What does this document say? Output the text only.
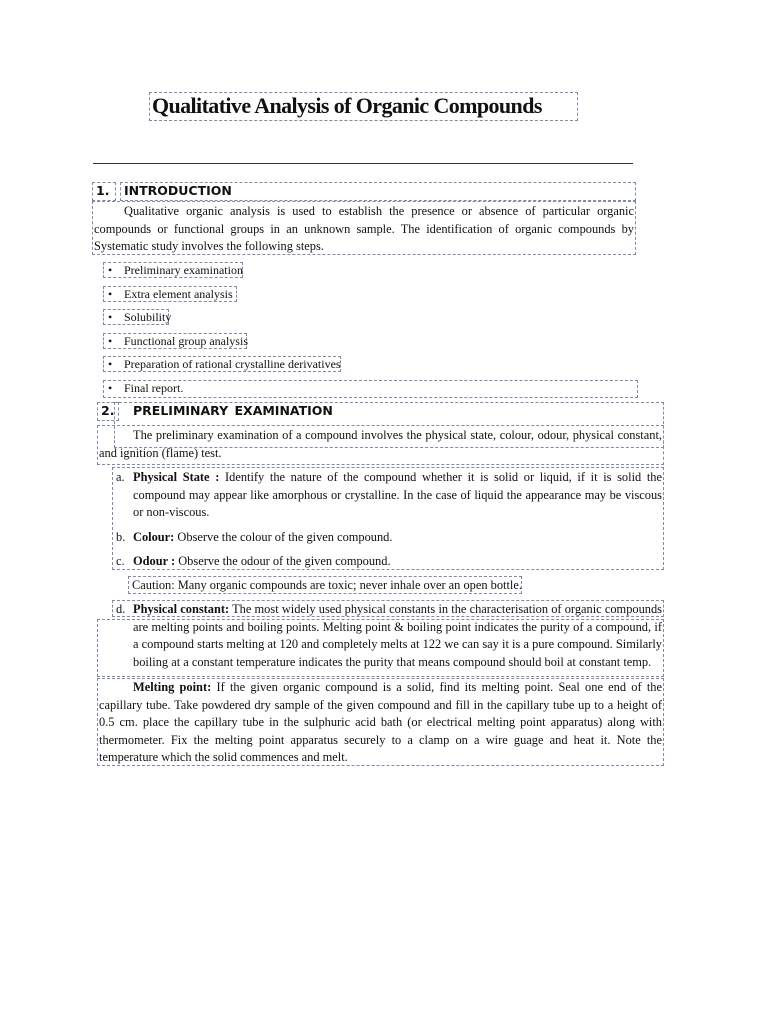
Qualitative Analysis of Organic Compounds
1. INTRODUCTION
Qualitative organic analysis is used to establish the presence or absence of particular organic compounds or functional groups in an unknown sample. The identification of organic compounds by Systematic study involves the following steps.
• Preliminary examination
• Extra element analysis
• Solubility
• Functional group analysis
• Preparation of rational crystalline derivatives
• Final report.
2. PRELIMINARY EXAMINATION
The preliminary examination of a compound involves the physical state, colour, odour, physical constant, and ignition (flame) test.
a. Physical State : Identify the nature of the compound whether it is solid or liquid, if it is solid the compound may appear like amorphous or crystalline. In the case of liquid the appearance may be viscous or non-viscous.
b. Colour: Observe the colour of the given compound.
c. Odour : Observe the odour of the given compound.
Caution: Many organic compounds are toxic; never inhale over an open bottle.
d. Physical constant: The most widely used physical constants in the characterisation of organic compounds are melting points and boiling points. Melting point & boiling point indicates the purity of a compound, if a compound starts melting at 120 and completely melts at 122 we can say it is a pure compound. Similarly boiling at a constant temperature indicates the purity that means compound should boil at constant temp.
Melting point: If the given organic compound is a solid, find its melting point. Seal one end of the capillary tube. Take powdered dry sample of the given compound and fill in the capillary tube up to a height of 0.5 cm. place the capillary tube in the sulphuric acid bath (or electrical melting point apparatus) along with thermometer. Fix the melting point apparatus securely to a clamp on a wire guage and heat it. Note the temperature which the solid commences and melt.
